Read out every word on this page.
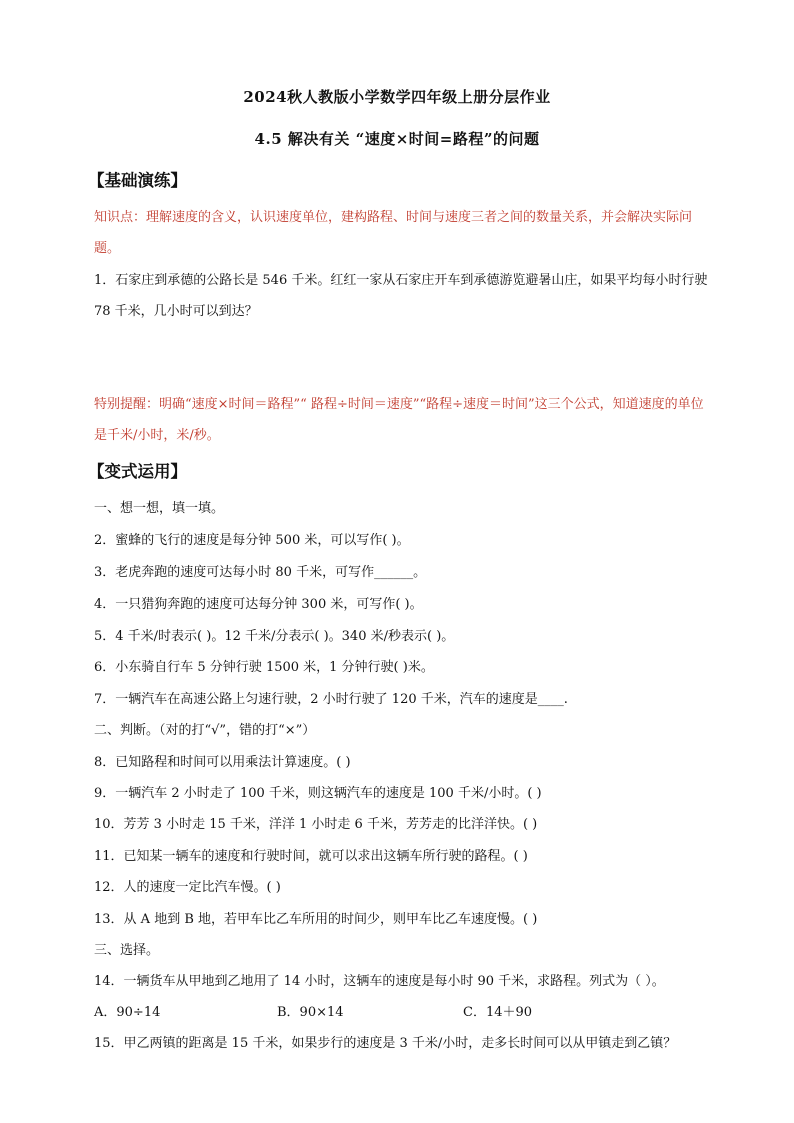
2024秋人教版小学数学四年级上册分层作业
4.5 解决有关 “速度×时间=路程”的问题
【基础演练】
知识点：理解速度的含义，认识速度单位，建构路程、时间与速度三者之间的数量关系，并会解决实际问题。
1．石家庄到承德的公路长是 546 千米。红红一家从石家庄开车到承德游览避暑山庄，如果平均每小时行驶 78 千米，几小时可以到达？
特别提醒：明确“速度×时间＝路程”“ 路程÷时间＝速度”“路程÷速度＝时间”这三个公式，知道速度的单位是千米/小时，米/秒。
【变式运用】
一、想一想，填一填。
2．蜜蜂的飞行的速度是每分钟 500 米，可以写作( )。
3．老虎奔跑的速度可达每小时 80 千米，可写作______。
4．一只猎狗奔跑的速度可达每分钟 300 米，可写作( )。
5．4 千米/时表示( )。12 千米/分表示( )。340 米/秒表示( )。
6．小东骑自行车 5 分钟行驶 1500 米，1 分钟行驶( )米。
7．一辆汽车在高速公路上匀速行驶，2 小时行驶了 120 千米，汽车的速度是____.
二、判断。（对的打“√”，错的打“×”）
8．已知路程和时间可以用乘法计算速度。( )
9．一辆汽车 2 小时走了 100 千米，则这辆汽车的速度是 100 千米/小时。( )
10．芳芳 3 小时走 15 千米，洋洋 1 小时走 6 千米，芳芳走的比洋洋快。( )
11．已知某一辆车的速度和行驶时间，就可以求出这辆车所行驶的路程。( )
12．人的速度一定比汽车慢。( )
13．从 A 地到 B 地，若甲车比乙车所用的时间少，则甲车比乙车速度慢。( )
三、选择。
14．一辆货车从甲地到乙地用了 14 小时，这辆车的速度是每小时 90 千米，求路程。列式为（ ）。
A．90÷14	B．90×14	C．14＋90
15．甲乙两镇的距离是 15 千米，如果步行的速度是 3 千米/小时，走多长时间可以从甲镇走到乙镇？
